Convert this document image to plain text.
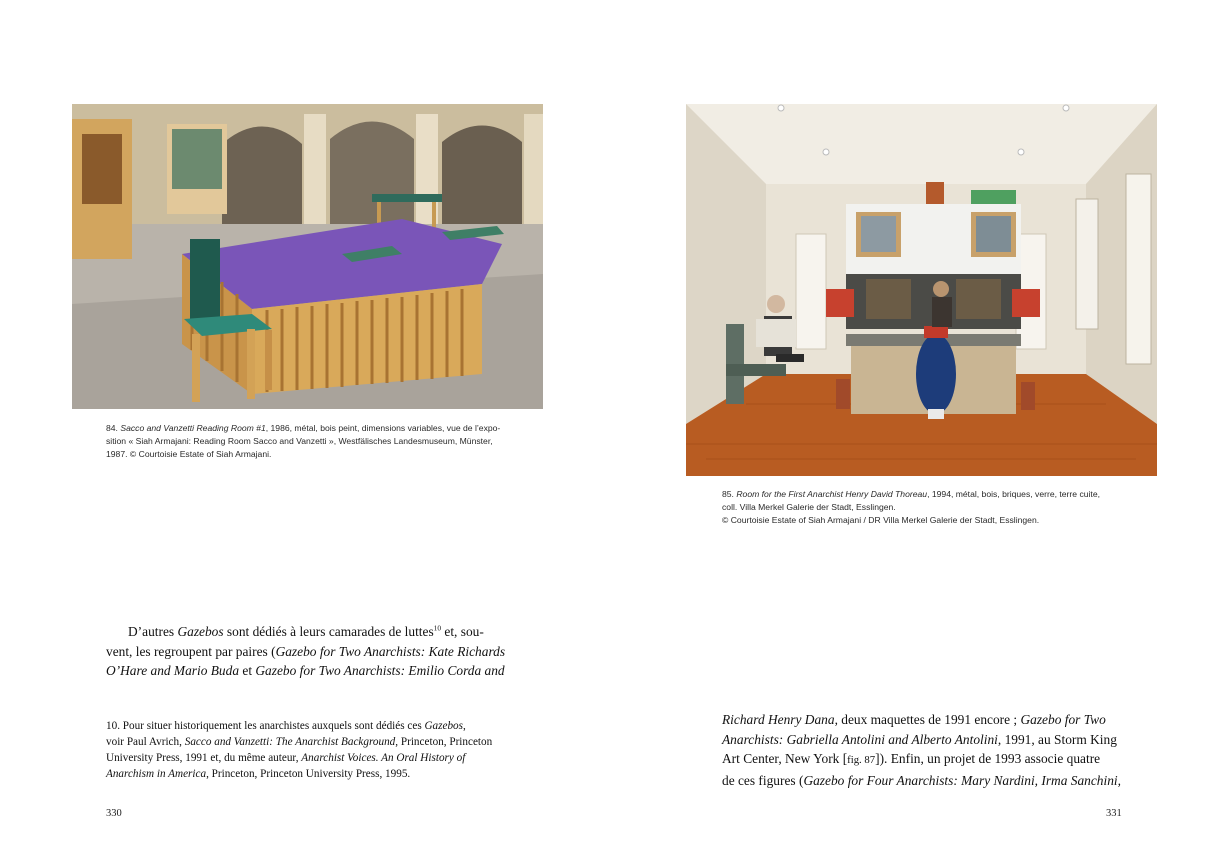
84. Sacco and Vanzetti Reading Room #1, 1986, métal, bois peint, dimensions variables, vue de l’expo-
sition « Siah Armajani: Reading Room Sacco and Vanzetti », Westfälisches Landesmuseum, Münster,
1987. © Courtoisie Estate of Siah Armajani.
D’autres Gazebos sont dédiés à leurs camarades de luttes$^{10}$ et, sou-
vent, les regroupent par paires (Gazebo for Two Anarchists: Kate Richards
O’Hare and Mario Buda et Gazebo for Two Anarchists: Emilio Corda and
10. Pour situer historiquement les anarchistes auxquels sont dédiés ces Gazebos,
voir Paul Avrich, Sacco and Vanzetti: The Anarchist Background, Princeton, Princeton
University Press, 1991 et, du même auteur, Anarchist Voices. An Oral History of
Anarchism in America, Princeton, Princeton University Press, 1995.
330
85. Room for the First Anarchist Henry David Thoreau, 1994, métal, bois, briques, verre, terre cuite,
coll. Villa Merkel Galerie der Stadt, Esslingen.
© Courtoisie Estate of Siah Armajani / DR Villa Merkel Galerie der Stadt, Esslingen.
Richard Henry Dana, deux maquettes de 1991 encore ; Gazebo for Two
Anarchists: Gabriella Antolini and Alberto Antolini, 1991, au Storm King
Art Center, New York [fig. 87]). Enfin, un projet de 1993 associe quatre
de ces figures (Gazebo for Four Anarchists: Mary Nardini, Irma Sanchini,
331
